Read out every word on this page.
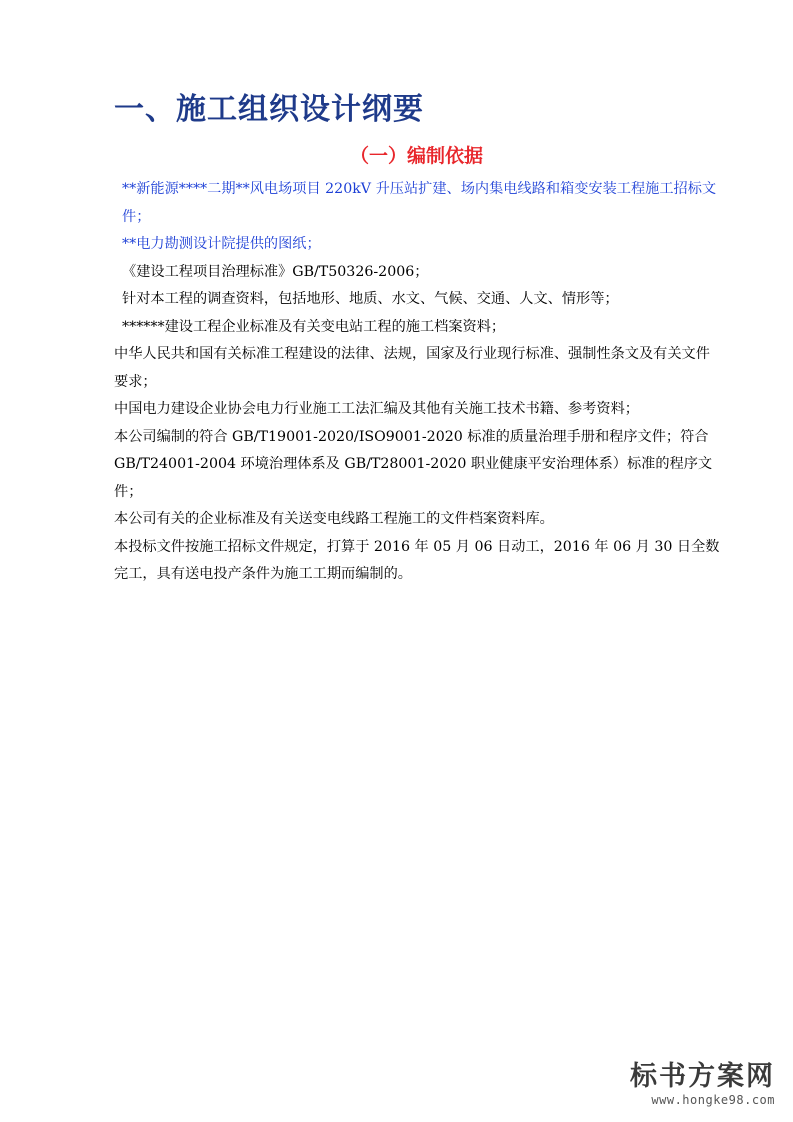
一、施工组织设计纲要
（一）编制依据

**新能源****二期**风电场项目 220kV 升压站扩建、场内集电线路和箱变安装工程施工招标文件；

**电力勘测设计院提供的图纸；

《建设工程项目治理标准》GB/T50326-2006；

针对本工程的调查资料，包括地形、地质、水文、气候、交通、人文、情形等；

******建设工程企业标准及有关变电站工程的施工档案资料；

中华人民共和国有关标准工程建设的法律、法规，国家及行业现行标准、强制性条文及有关文件要求；

中国电力建设企业协会电力行业施工工法汇编及其他有关施工技术书籍、参考资料；

本公司编制的符合 GB/T19001-2020/ISO9001-2020 标准的质量治理手册和程序文件；符合 GB/T24001-2004 环境治理体系及 GB/T28001-2020 职业健康平安治理体系）标准的程序文件；

本公司有关的企业标准及有关送变电线路工程施工的文件档案资料库。

本投标文件按施工招标文件规定，打算于 2016 年 05 月 06 日动工，2016 年 06 月 30 日全数完工，具有送电投产条件为施工工期而编制的。

标书方案网
www.hongke98.com
